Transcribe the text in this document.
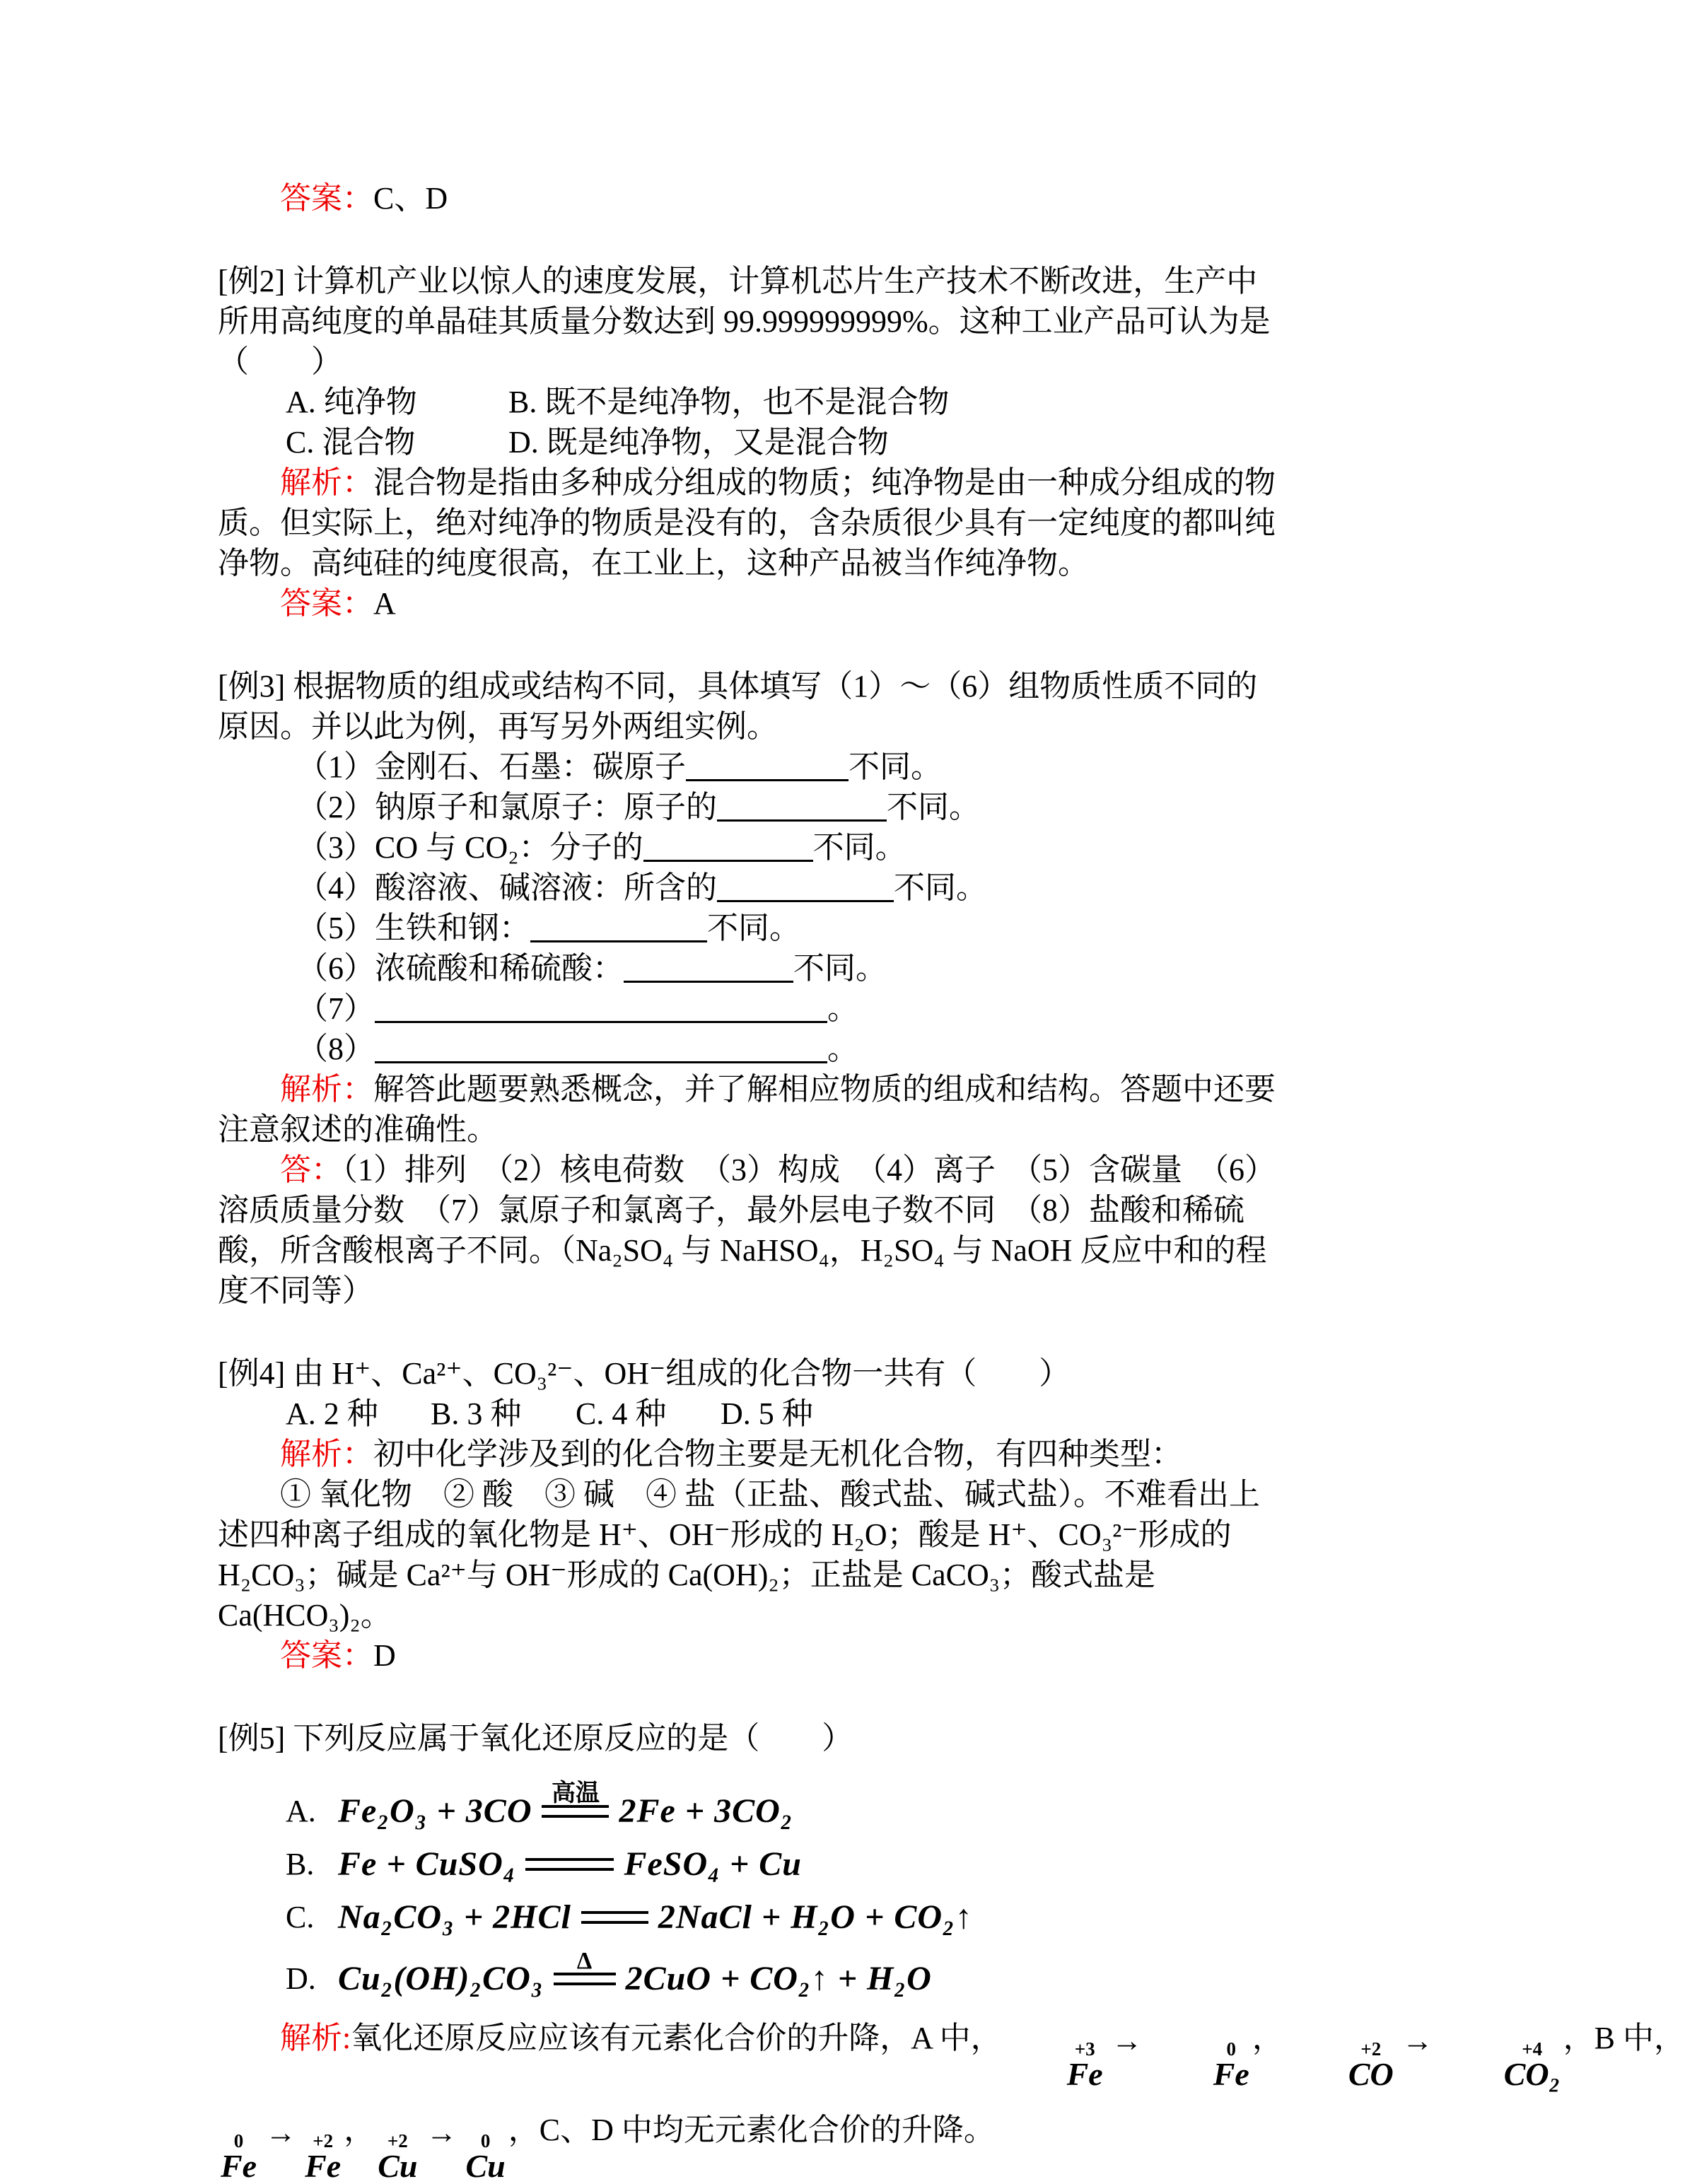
答案：C、D

[例2] 计算机产业以惊人的速度发展，计算机芯片生产技术不断改进，生产中所用高纯度的单晶硅其质量分数达到 99.999999999%。这种工业产品可认为是（　　）

A. 纯净物	B. 既不是纯净物，也不是混合物

C. 混合物	D. 既是纯净物，又是混合物

解析：混合物是指由多种成分组成的物质；纯净物是由一种成分组成的物质。但实际上，绝对纯净的物质是没有的，含杂质很少具有一定纯度的都叫纯净物。高纯硅的纯度很高，在工业上，这种产品被当作纯净物。

答案：A

[例3] 根据物质的组成或结构不同，具体填写（1）～（6）组物质性质不同的原因。并以此为例，再写另外两组实例。

（1）金刚石、石墨：碳原子	不同。

（2）钠原子和氯原子：原子的	不同。

（3）CO 与 CO₂：分子的	不同。

（4）酸溶液、碱溶液：所含的	不同。

（5）生铁和钢：	不同。

（6）浓硫酸和稀硫酸：	不同。

（7）	。

（8）	。

解析：解答此题要熟悉概念，并了解相应物质的组成和结构。答题中还要注意叙述的准确性。

答：（1）排列　（2）核电荷数　（3）构成　（4）离子　（5）含碳量　（6）溶质质量分数　（7）氯原子和氯离子，最外层电子数不同　（8）盐酸和稀硫酸，所含酸根离子不同。（Na₂SO₄ 与 NaHSO₄，H₂SO₄ 与 NaOH 反应中和的程度不同等）

[例4] 由 H⁺、Ca²⁺、CO₃²⁻、OH⁻组成的化合物一共有（　　）

A. 2 种 B. 3 种 C. 4 种 D. 5 种

解析：初中化学涉及到的化合物主要是无机化合物，有四种类型：

① 氧化物　② 酸　③ 碱　④ 盐（正盐、酸式盐、碱式盐）。不难看出上述四种离子组成的氧化物是 H⁺、OH⁻形成的 H₂O；酸是 H⁺、CO₃²⁻形成的 H₂CO₃；碱是 Ca²⁺与 OH⁻形成的 Ca(OH)₂；正盐是 CaCO₃；酸式盐是 Ca(HCO₃)₂。

答案：D

[例5] 下列反应属于氧化还原反应的是（　　）

A. Fe₂O₃ + 3CO 高温 2Fe + 3CO₂
B. Fe + CuSO₄	FeSO₄ + Cu
C. Na₂CO₃ + 2HCl	2NaCl + H₂O + CO₂↑
D. Cu₂(OH)₂CO₃ Δ 2CuO + CO₂↑ + H₂O

解析:氧化还原反应应该有元素化合价的升降，A 中，	+3
Fe
→	0
Fe
，	+2
CO
→	+4
CO₂
，B 中，

0
Fe
→ +2
Fe
， +2
Cu
→ 0
Cu
，C、D 中均无元素化合价的升降。
